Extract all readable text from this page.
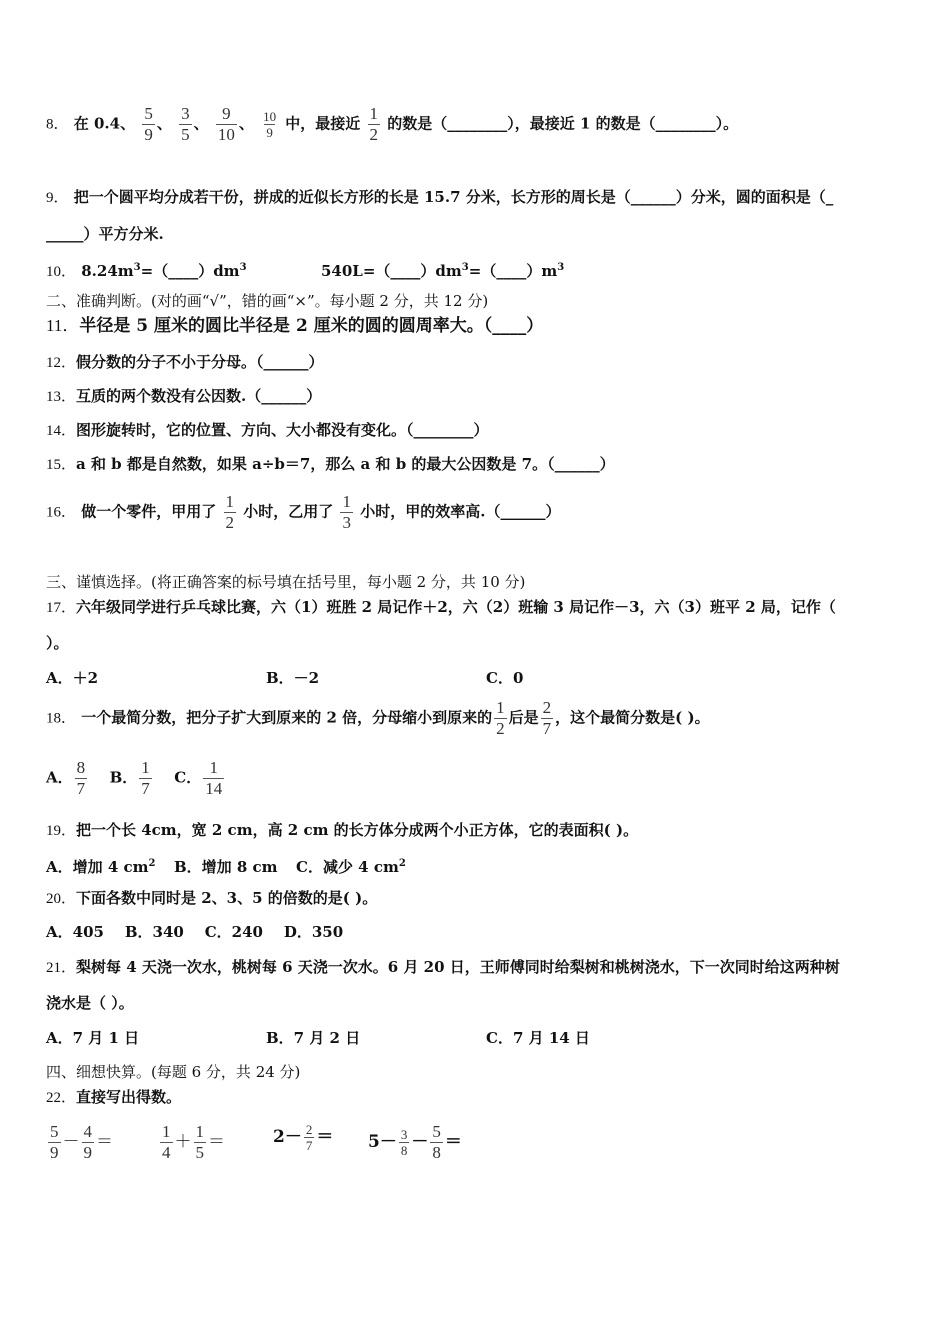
8． 在 0.4、 $\frac{5}{9}$ 、 $\frac{3}{5}$ 、 $\frac{9}{10}$ 、 $\frac{10}{9}$ 中，最接近 $\frac{1}{2}$ 的数是（________），最接近 1 的数是（________）。
9． 把一个圆平均分成若干份，拼成的近似长方形的长是 15.7 分米，长方形的周长是（______）分米，圆的面积是（_
_____）平方分米.
10． $8.24m^3=(\_\_\_\_)dm^3$	$540L=(\_\_\_\_)dm^3=(\_\_\_\_)m^3$
二、准确判断。(对的画“√”，错的画“×”。每小题 2 分，共 12 分)
11．半径是 5 厘米的圆比半径是 2 厘米的圆的圆周率大。（____）
12．假分数的分子不小于分母。（______）
13．互质的两个数没有公因数.（______）
14．图形旋转时，它的位置、方向、大小都没有变化。（________）
15．a 和 b 都是自然数，如果 a÷b＝7，那么 a 和 b 的最大公因数是 7。（______）
16． 做一个零件，甲用了 $\frac{1}{2}$ 小时，乙用了 $\frac{1}{3}$ 小时，甲的效率高.（______）
三、谨慎选择。(将正确答案的标号填在括号里，每小题 2 分，共 10 分)
17．六年级同学进行乒乓球比赛，六（1）班胜 2 局记作＋2，六（2）班输 3 局记作－3，六（3）班平 2 局，记作（
）。
A．＋2	B．－2	C．0
18． 一个最简分数，把分子扩大到原来的 2 倍，分母缩小到原来的 $\frac{1}{2}$ 后是 $\frac{2}{7}$ ，这个最简分数是( )。
A． $\frac{8}{7}$ B． $\frac{1}{7}$ C． $\frac{1}{14}$
19．把一个长 4cm，宽 2 cm，高 2 cm 的长方体分成两个小正方体，它的表面积( )。
A．增加 4 $cm^2$ B．增加 8 cm C．减少 4 $cm^2$
20．下面各数中同时是 2、3、5 的倍数的是( )。
A．405    B．340    C．240    D．350
21．梨树每 4 天浇一次水，桃树每 6 天浇一次水。6 月 20 日，王师傅同时给梨树和桃树浇水，下一次同时给这两种树
浇水是（ ）。
A．7 月 1 日	B．7 月 2 日	C．7 月 14 日
四、细想快算。(每题 6 分，共 24 分)
22．直接写出得数。
$\frac{5}{9} - \frac{4}{9}$ ＝	$\frac{1}{4} + \frac{1}{5}$ ＝	$2- \frac{2}{7} = 5- \frac{3}{8} - \frac{5}{8}$ ＝
